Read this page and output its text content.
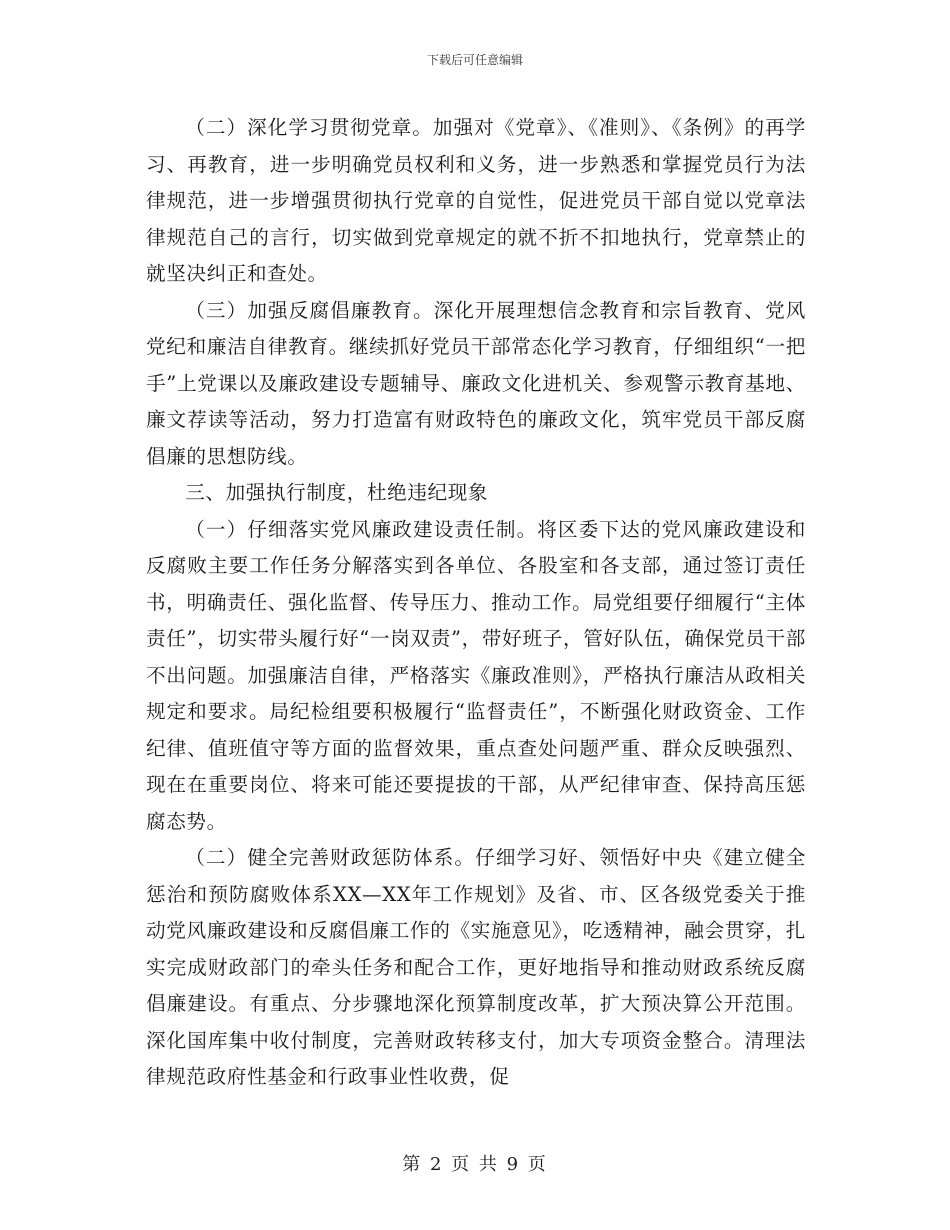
下载后可任意编辑

（二）深化学习贯彻党章。加强对《党章》、《准则》、《条例》的再学习、再教育，进一步明确党员权利和义务，进一步熟悉和掌握党员行为法律规范，进一步增强贯彻执行党章的自觉性，促进党员干部自觉以党章法律规范自己的言行，切实做到党章规定的就不折不扣地执行，党章禁止的就坚决纠正和查处。

（三）加强反腐倡廉教育。深化开展理想信念教育和宗旨教育、党风党纪和廉洁自律教育。继续抓好党员干部常态化学习教育，仔细组织“一把手”上党课以及廉政建设专题辅导、廉政文化进机关、参观警示教育基地、廉文荐读等活动，努力打造富有财政特色的廉政文化，筑牢党员干部反腐倡廉的思想防线。

三、加强执行制度，杜绝违纪现象

（一）仔细落实党风廉政建设责任制。将区委下达的党风廉政建设和反腐败主要工作任务分解落实到各单位、各股室和各支部，通过签订责任书，明确责任、强化监督、传导压力、推动工作。局党组要仔细履行“主体责任”，切实带头履行好“一岗双责”，带好班子，管好队伍，确保党员干部不出问题。加强廉洁自律，严格落实《廉政准则》，严格执行廉洁从政相关规定和要求。局纪检组要积极履行“监督责任”，不断强化财政资金、工作纪律、值班值守等方面的监督效果，重点查处问题严重、群众反映强烈、现在在重要岗位、将来可能还要提拔的干部，从严纪律审查、保持高压惩腐态势。

（二）健全完善财政惩防体系。仔细学习好、领悟好中央《建立健全惩治和预防腐败体系XX—XX年工作规划》及省、市、区各级党委关于推动党风廉政建设和反腐倡廉工作的《实施意见》，吃透精神，融会贯穿，扎实完成财政部门的牵头任务和配合工作，更好地指导和推动财政系统反腐倡廉建设。有重点、分步骤地深化预算制度改革，扩大预决算公开范围。深化国库集中收付制度，完善财政转移支付，加大专项资金整合。清理法律规范政府性基金和行政事业性收费，促

第 2 页 共 9 页
